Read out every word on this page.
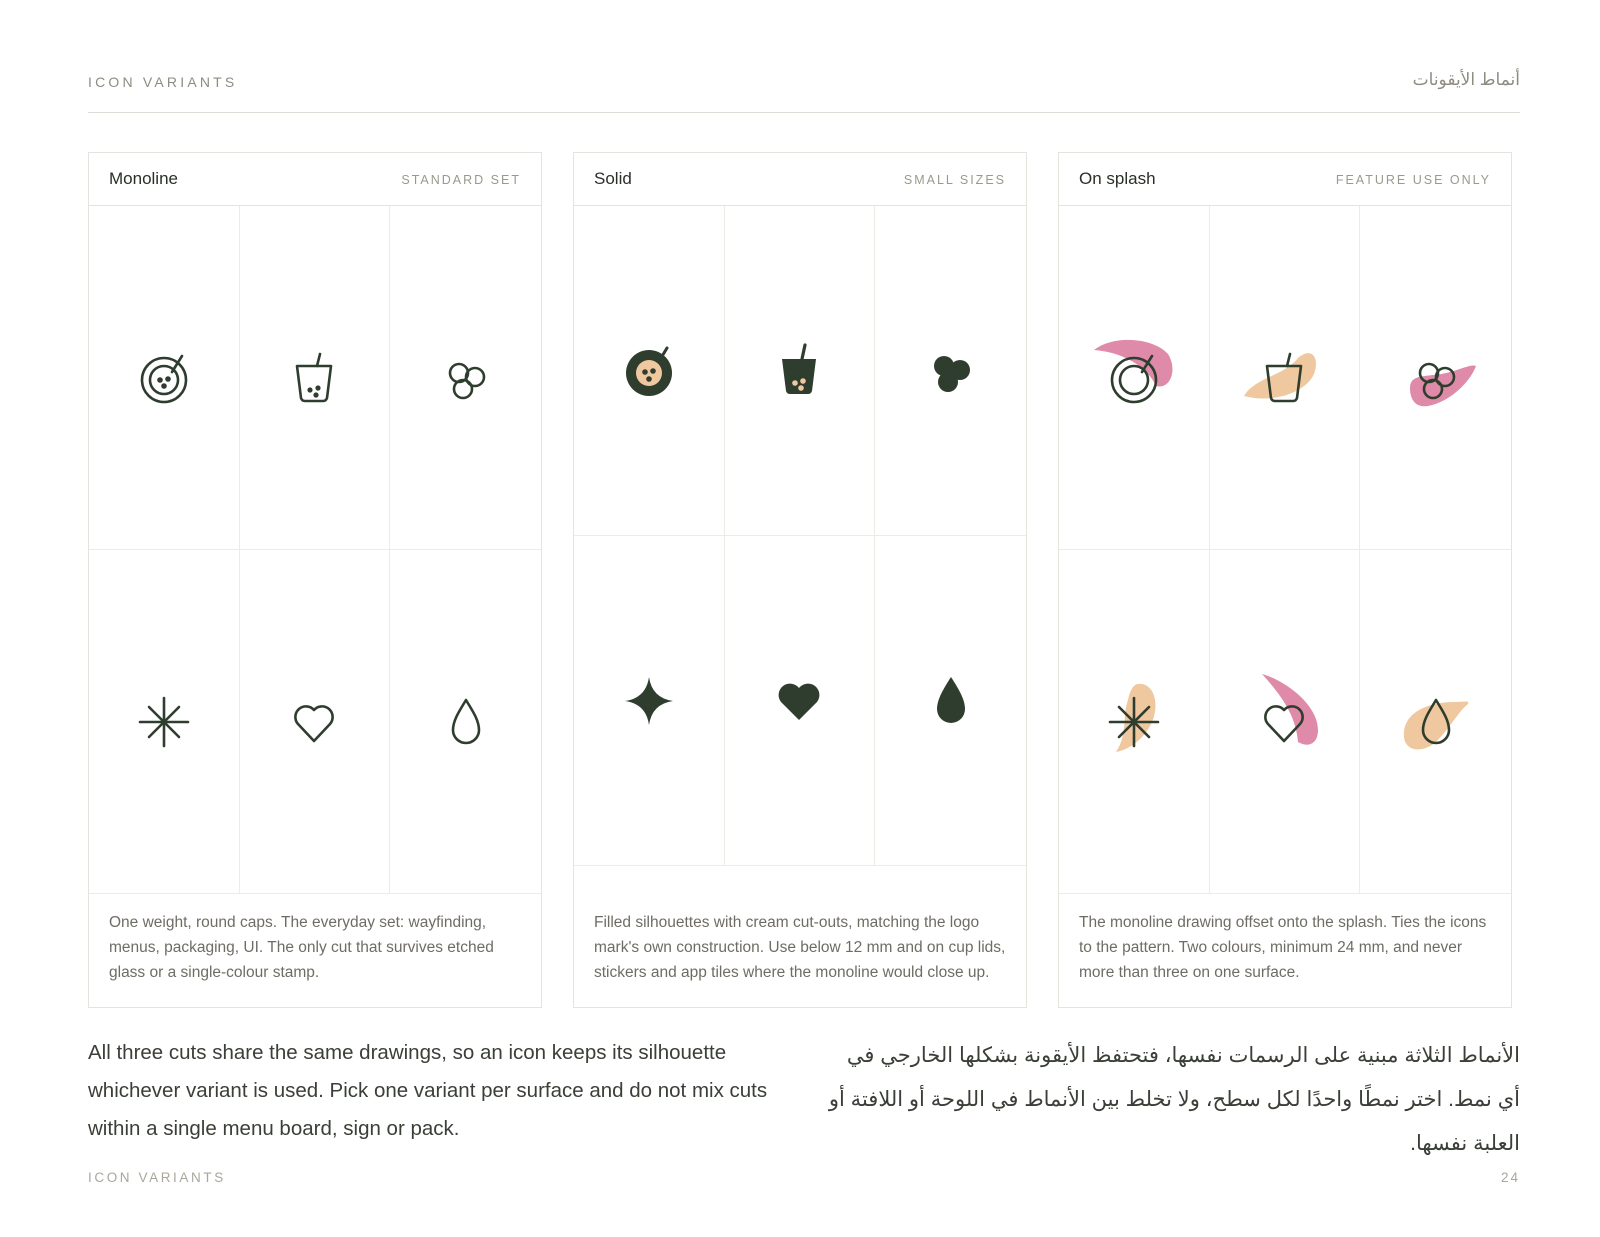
ICON VARIANTS	أنماط الأيقونات
Monoline	STANDARD SET
One weight, round caps. The everyday set: wayfinding, menus, packaging, UI. The only cut that survives etched glass or a single-colour stamp.
Solid	SMALL SIZES
Filled silhouettes with cream cut-outs, matching the logo mark's own construction. Use below 12 mm and on cup lids, stickers and app tiles where the monoline would close up.
On splash	FEATURE USE ONLY
The monoline drawing offset onto the splash. Ties the icons to the pattern. Two colours, minimum 24 mm, and never more than three on one surface.
All three cuts share the same drawings, so an icon keeps its silhouette whichever variant is used. Pick one variant per surface and do not mix cuts within a single menu board, sign or pack.
الأنماط الثلاثة مبنية على الرسمات نفسها، فتحتفظ الأيقونة بشكلها الخارجي في أي نمط. اختر نمطًا واحدًا لكل سطح، ولا تخلط بين الأنماط في اللوحة أو اللافتة أو العلبة نفسها.
ICON VARIANTS	24
